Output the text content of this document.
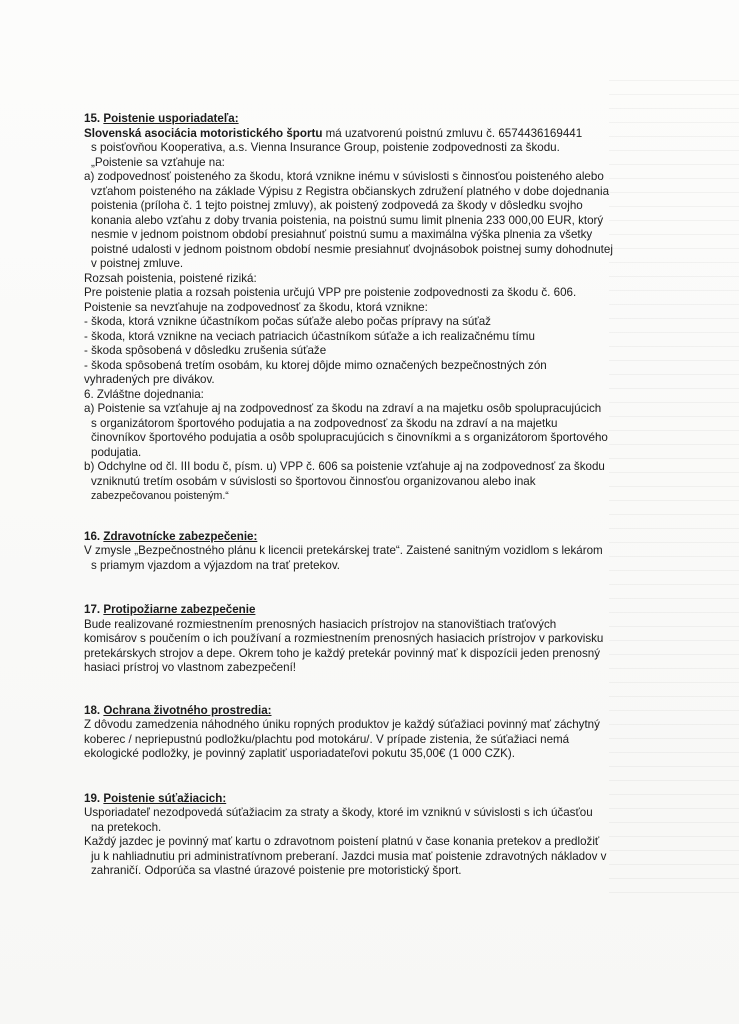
15. Poistenie usporiadateľa:

Slovenská asociácia motoristického športu má uzatvorenú poistnú zmluvu č. 6574436169441

s poisťovňou Kooperativa, a.s. Vienna Insurance Group, poistenie zodpovednosti za škodu.

„Poistenie sa vzťahuje na:

a) zodpovednosť poisteného za škodu, ktorá vznikne inému v súvislosti s činnosťou poisteného alebo

vzťahom poisteného na základe Výpisu z Registra občianskych združení platného v dobe dojednania

poistenia (príloha č. 1 tejto poistnej zmluvy), ak poistený zodpovedá za škody v dôsledku svojho

konania alebo vzťahu z doby trvania poistenia, na poistnú sumu limit plnenia 233 000,00 EUR, ktorý

nesmie v jednom poistnom období presiahnuť poistnú sumu a maximálna výška plnenia za všetky

poistné udalosti v jednom poistnom období nesmie presiahnuť dvojnásobok poistnej sumy dohodnutej

v poistnej zmluve.

Rozsah poistenia, poistené riziká:

Pre poistenie platia a rozsah poistenia určujú VPP pre poistenie zodpovednosti za škodu č. 606.

Poistenie sa nevzťahuje na zodpovednosť za škodu, ktorá vznikne:

- škoda, ktorá vznikne účastníkom počas súťaže alebo počas prípravy na súťaž

- škoda, ktorá vznikne na veciach patriacich účastníkom súťaže a ich realizačnému tímu

- škoda spôsobená v dôsledku zrušenia súťaže

- škoda spôsobená tretím osobám, ku ktorej dôjde mimo označených bezpečnostných zón

vyhradených pre divákov.

6. Zvláštne dojednania:

a) Poistenie sa vzťahuje aj na zodpovednosť za škodu na zdraví a na majetku osôb spolupracujúcich

s organizátorom športového podujatia a na zodpovednosť za škodu na zdraví a na majetku

činovníkov športového podujatia a osôb spolupracujúcich s činovníkmi a s organizátorom športového

podujatia.

b) Odchylne od čl. III bodu č, písm. u) VPP č. 606 sa poistenie vzťahuje aj na zodpovednosť za škodu

vzniknutú tretím osobám v súvislosti so športovou činnosťou organizovanou alebo inak

zabezpečovanou poisteným.“

16. Zdravotnícke zabezpečenie:

V zmysle „Bezpečnostného plánu k licencii pretekárskej trate“. Zaistené sanitným vozidlom s lekárom

s priamym vjazdom a výjazdom na trať pretekov.

17. Protipožiarne zabezpečenie

Bude realizované rozmiestnením prenosných hasiacich prístrojov na stanovištiach traťových

komisárov s poučením o ich používaní a rozmiestnením prenosných hasiacich prístrojov v parkovisku

pretekárskych strojov a depe. Okrem toho je každý pretekár povinný mať k dispozícii jeden prenosný

hasiaci prístroj vo vlastnom zabezpečení!

18. Ochrana životného prostredia:

Z dôvodu zamedzenia náhodného úniku ropných produktov je každý súťažiaci povinný mať záchytný

koberec / nepriepustnú podložku/plachtu pod motokáru/. V prípade zistenia, že súťažiaci nemá

ekologické podložky, je povinný zaplatiť usporiadateľovi pokutu 35,00€ (1 000 CZK).

19. Poistenie súťažiacich:

Usporiadateľ nezodpovedá súťažiacim za straty a škody, ktoré im vzniknú v súvislosti s ich účasťou

na pretekoch.

Každý jazdec je povinný mať kartu o zdravotnom poistení platnú v čase konania pretekov a predložiť

ju k nahliadnutiu pri administratívnom preberaní. Jazdci musia mať poistenie zdravotných nákladov v

zahraničí. Odporúča sa vlastné úrazové poistenie pre motoristický šport.
